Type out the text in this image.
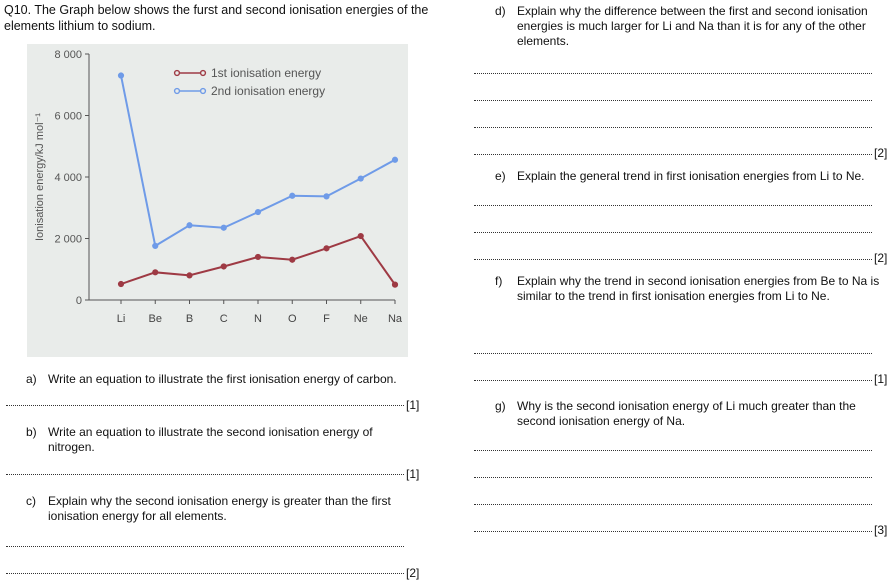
Q10. The Graph below shows the furst and second ionisation energies of the elements lithium to sodium.
0
2 000
4 000
6 000
8 000
Ionisation energy/kJ mol⁻¹
Li Be B C N O F Ne Na
1st ionisation energy
2nd ionisation energy
a) Write an equation to illustrate the first ionisation energy of carbon.
[1]
b) Write an equation to illustrate the second ionisation energy of nitrogen.
[1]
c) Explain why the second ionisation energy is greater than the first ionisation energy for all elements.
[2]
d) Explain why the difference between the first and second ionisation energies is much larger for Li and Na than it is for any of the other elements.
[2]
e) Explain the general trend in first ionisation energies from Li to Ne.
[2]
f) Explain why the trend in second ionisation energies from Be to Na is similar to the trend in first ionisation energies from Li to Ne.
[1]
g) Why is the second ionisation energy of Li much greater than the second ionisation energy of Na.
[3]
